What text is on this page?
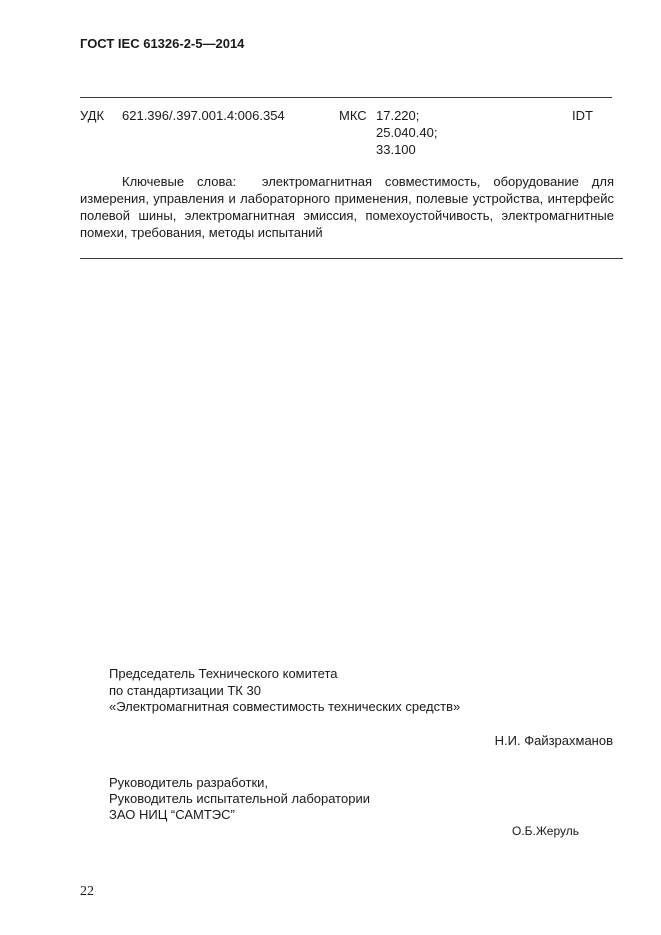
ГОСТ IEC 61326-2-5—2014
УДК 621.396/.397.001.4:006.354	МКС 17.220;
25.040.40;
33.100
IDT
Ключевые слова: электромагнитная совместимость, оборудование для измерения, управления и лабораторного применения, полевые устройства, интерфейс полевой шины, электромагнитная эмиссия, помехоустойчивость, электромагнитные помехи, требования, методы испытаний
Председатель Технического комитета
по стандартизации ТК 30
«Электромагнитная совместимость технических средств»
Н.И. Файзрахманов
Руководитель разработки,
Руководитель испытательной лаборатории
ЗАО НИЦ “САМТЭС”
О.Б.Жеруль
22
